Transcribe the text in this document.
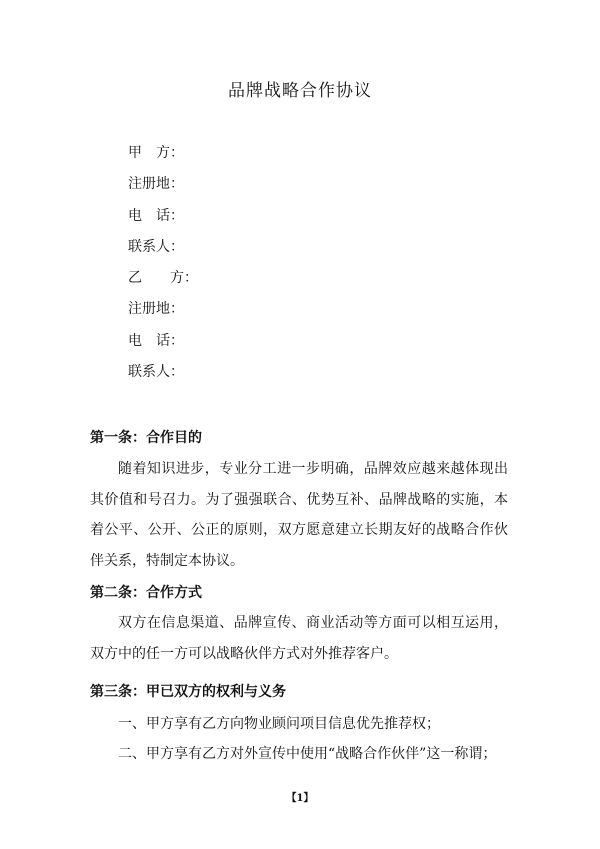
品牌战略合作协议
甲　方：
注册地：
电　话：
联系人：
乙　　方：
注册地：
电　话：
联系人：
第一条：合作目的
随着知识进步，专业分工进一步明确，品牌效应越来越体现出其价值和号召力。为了强强联合、优势互补、品牌战略的实施，本着公平、公开、公正的原则，双方愿意建立长期友好的战略合作伙伴关系，特制定本协议。
第二条：合作方式
双方在信息渠道、品牌宣传、商业活动等方面可以相互运用，双方中的任一方可以战略伙伴方式对外推荐客户。
第三条：甲已双方的权利与义务
一、甲方享有乙方向物业顾问项目信息优先推荐权；
二、甲方享有乙方对外宣传中使用“战略合作伙伴”这一称谓；
【1】
